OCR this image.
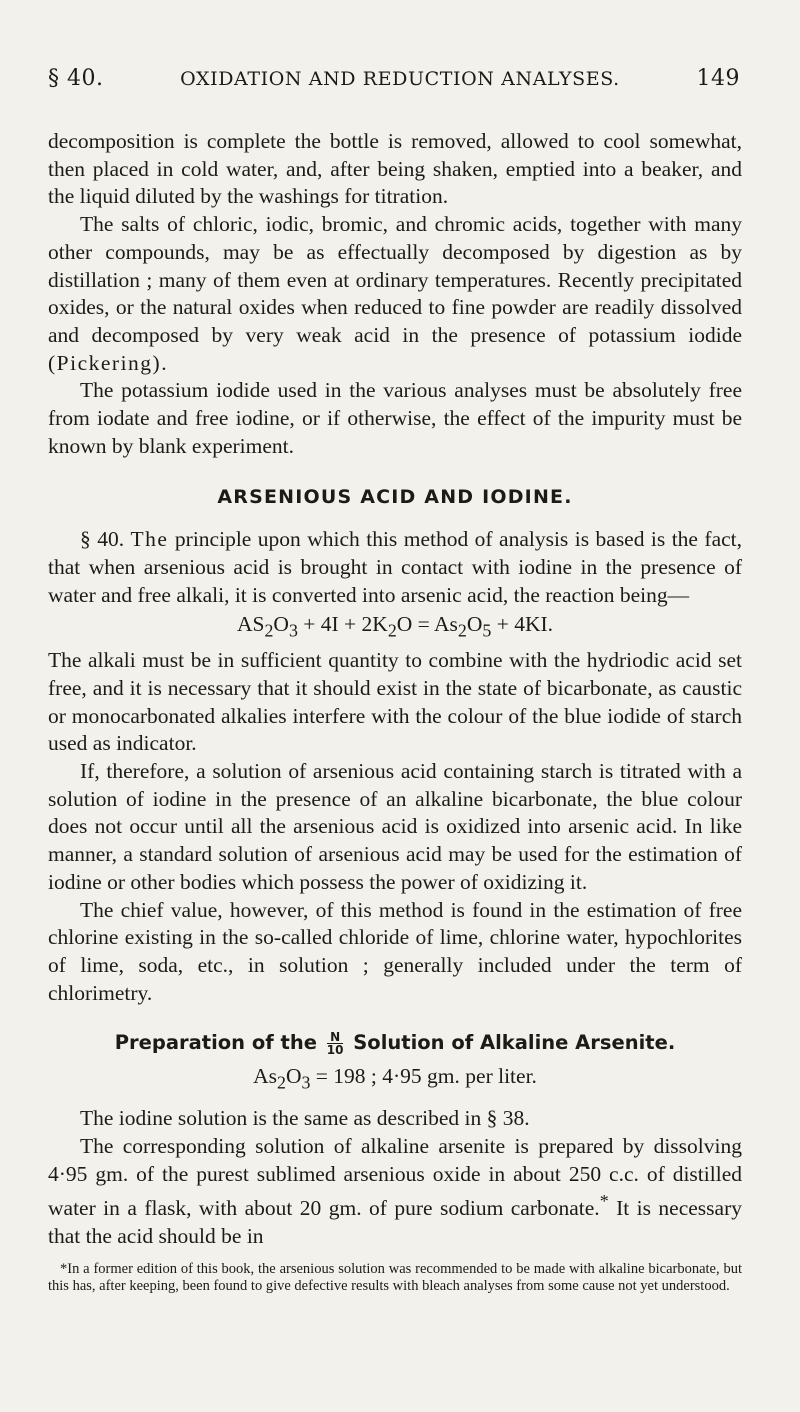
§ 40.	OXIDATION AND REDUCTION ANALYSES.	149

decomposition is complete the bottle is removed, allowed to cool somewhat, then placed in cold water, and, after being shaken, emptied into a beaker, and the liquid diluted by the washings for titration.

The salts of chloric, iodic, bromic, and chromic acids, together with many other compounds, may be as effectually decomposed by digestion as by distillation ; many of them even at ordinary temperatures. Recently precipitated oxides, or the natural oxides when reduced to fine powder are readily dissolved and decomposed by very weak acid in the presence of potassium iodide (Pickering).

The potassium iodide used in the various analyses must be absolutely free from iodate and free iodine, or if otherwise, the effect of the impurity must be known by blank experiment.

ARSENIOUS ACID AND IODINE.

§ 40. The principle upon which this method of analysis is based is the fact, that when arsenious acid is brought in contact with iodine in the presence of water and free alkali, it is converted into arsenic acid, the reaction being—

$AS_2O_3 + 4I + 2K_2O = As_2O_5 + 4KI$.

The alkali must be in sufficient quantity to combine with the hydriodic acid set free, and it is necessary that it should exist in the state of bicarbonate, as caustic or monocarbonated alkalies interfere with the colour of the blue iodide of starch used as indicator.

If, therefore, a solution of arsenious acid containing starch is titrated with a solution of iodine in the presence of an alkaline bicarbonate, the blue colour does not occur until all the arsenious acid is oxidized into arsenic acid. In like manner, a standard solution of arsenious acid may be used for the estimation of iodine or other bodies which possess the power of oxidizing it.

The chief value, however, of this method is found in the estimation of free chlorine existing in the so-called chloride of lime, chlorine water, hypochlorites of lime, soda, etc., in solution ; generally included under the term of chlorimetry.

Preparation of the $\frac{N}{10}$ Solution of Alkaline Arsenite.
$As_2O_3 = 198$ ; 4·95 gm. per liter.

The iodine solution is the same as described in § 38.

The corresponding solution of alkaline arsenite is prepared by dissolving 4·95 gm. of the purest sublimed arsenious oxide in about 250 c.c. of distilled water in a flask, with about 20 gm. of pure sodium carbonate.* It is necessary that the acid should be in

*In a former edition of this book, the arsenious solution was recommended to be made with alkaline bicarbonate, but this has, after keeping, been found to give defective results with bleach analyses from some cause not yet understood.
